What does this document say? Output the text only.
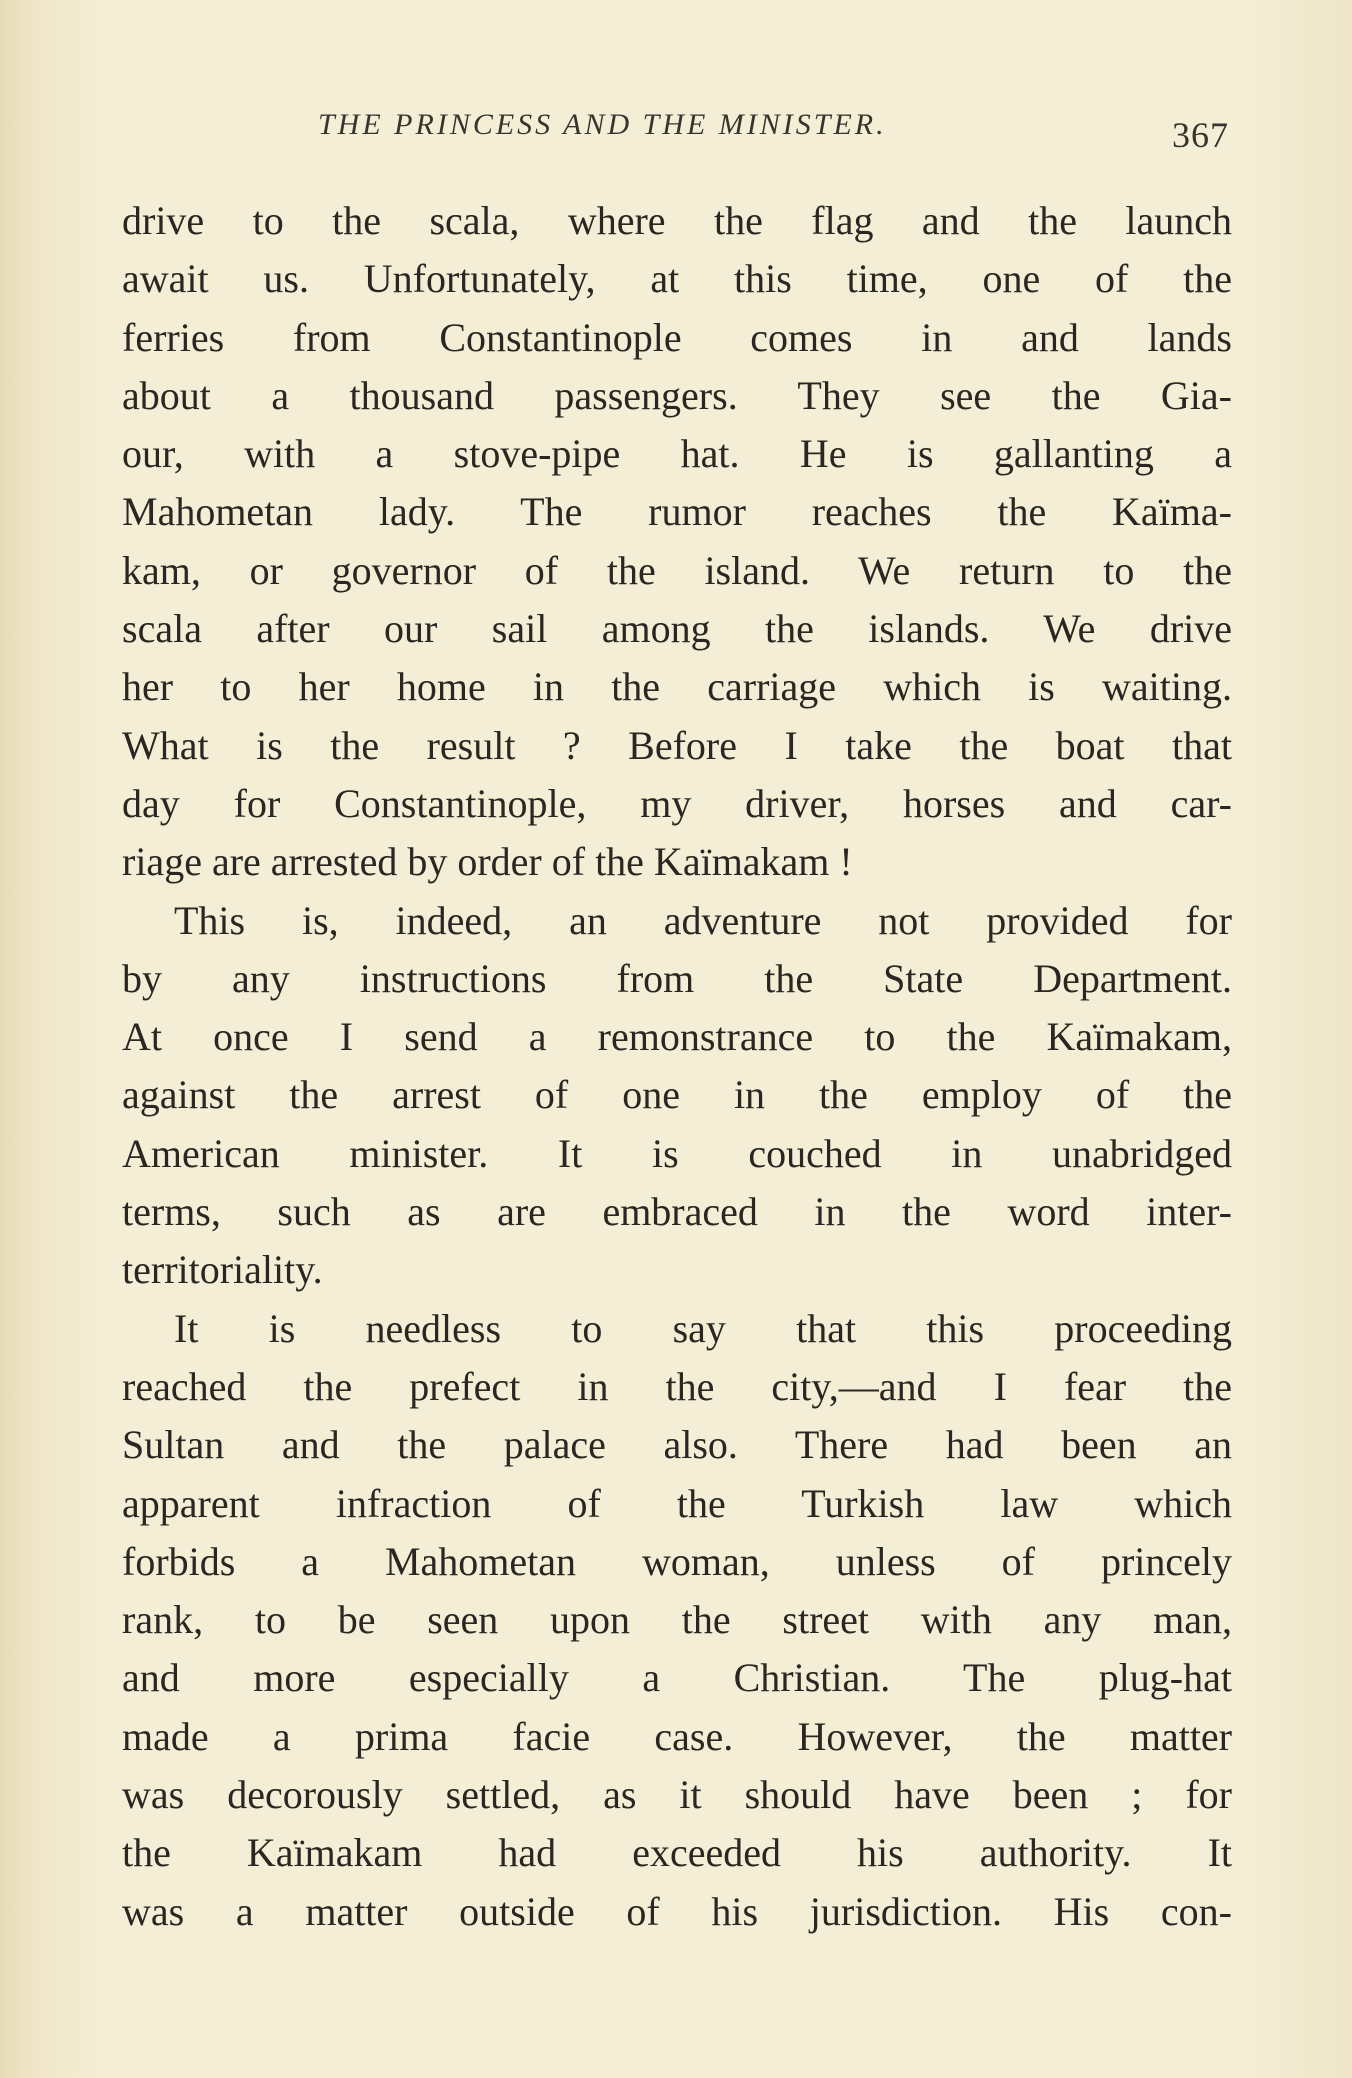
THE PRINCESS AND THE MINISTER.	367
drive to the scala, where the flag and the launch
await us. Unfortunately, at this time, one of the
ferries from Constantinople comes in and lands
about a thousand passengers. They see the Gia-
our, with a stove-pipe hat. He is gallanting a
Mahometan lady. The rumor reaches the Kaïma-
kam, or governor of the island. We return to the
scala after our sail among the islands. We drive
her to her home in the carriage which is waiting.
What is the result ? Before I take the boat that
day for Constantinople, my driver, horses and car-
riage are arrested by order of the Kaïmakam !
This is, indeed, an adventure not provided for
by any instructions from the State Department.
At once I send a remonstrance to the Kaïmakam,
against the arrest of one in the employ of the
American minister. It is couched in unabridged
terms, such as are embraced in the word inter-
territoriality.
It is needless to say that this proceeding
reached the prefect in the city,—and I fear the
Sultan and the palace also. There had been an
apparent infraction of the Turkish law which
forbids a Mahometan woman, unless of princely
rank, to be seen upon the street with any man,
and more especially a Christian. The plug-hat
made a prima facie case. However, the matter
was decorously settled, as it should have been ; for
the Kaïmakam had exceeded his authority. It
was a matter outside of his jurisdiction. His con-
